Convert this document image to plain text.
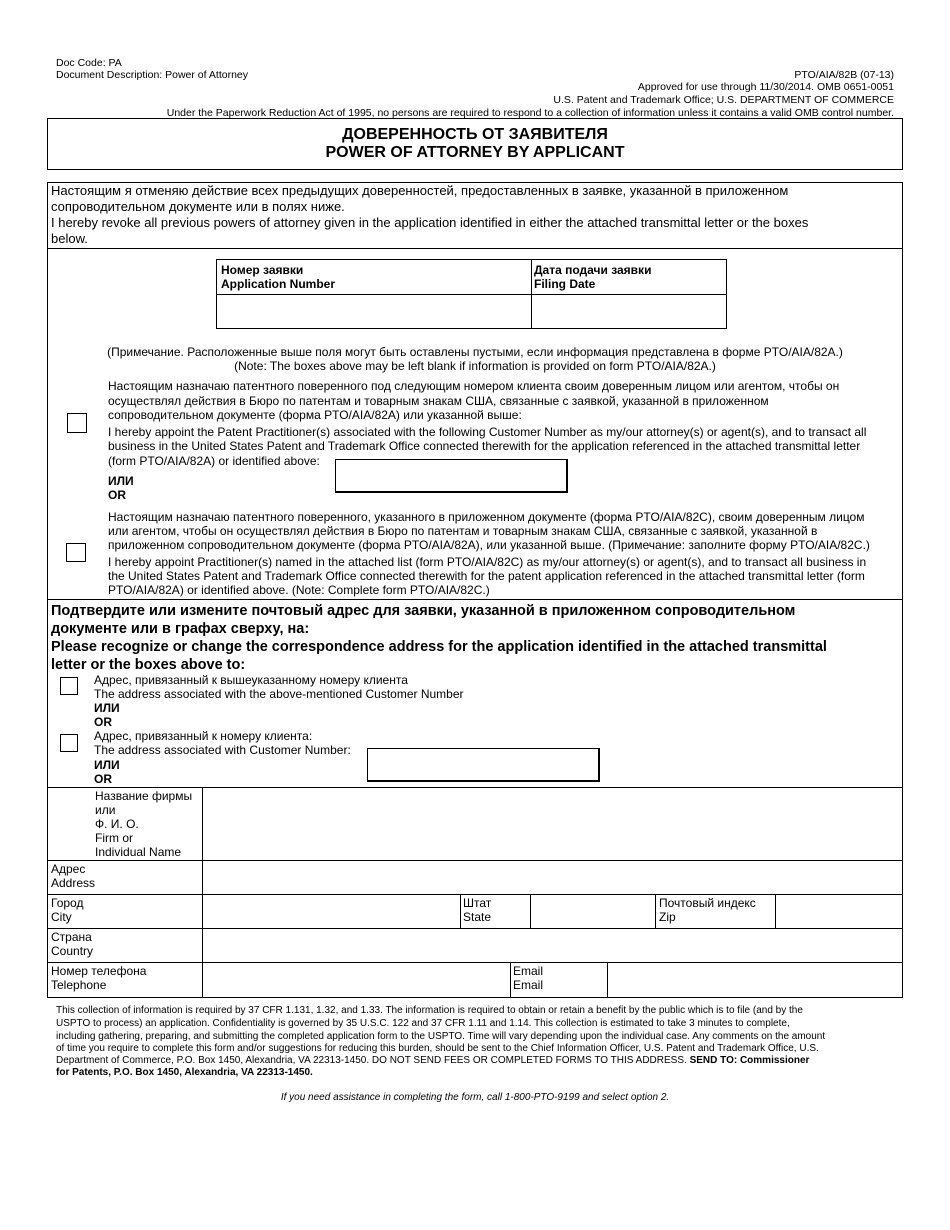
Doc Code: PA
Document Description: Power of Attorney	PTO/AIA/82B (07-13)
Approved for use through 11/30/2014. OMB 0651-0051
U.S. Patent and Trademark Office; U.S. DEPARTMENT OF COMMERCE
Under the Paperwork Reduction Act of 1995, no persons are required to respond to a collection of information unless it contains a valid OMB control number.
ДОВЕРЕННОСТЬ ОТ ЗАЯВИТЕЛЯ
POWER OF ATTORNEY BY APPLICANT
Настоящим я отменяю действие всех предыдущих доверенностей, предоставленных в заявке, указанной в приложенном
сопроводительном документе или в полях ниже.
I hereby revoke all previous powers of attorney given in the application identified in either the attached transmittal letter or the boxes
below.
Номер заявки
Application Number
Дата подачи заявки
Filing Date
(Примечание. Расположенные выше поля могут быть оставлены пустыми, если информация представлена в форме PTO/AIA/82A.)
(Note: The boxes above may be left blank if information is provided on form PTO/AIA/82A.)
Настоящим назначаю патентного поверенного под следующим номером клиента своим доверенным лицом или агентом, чтобы он
осуществлял действия в Бюро по патентам и товарным знакам США, связанные с заявкой, указанной в приложенном
сопроводительном документе (форма PTO/AIA/82A) или указанной выше:
I hereby appoint the Patent Practitioner(s) associated with the following Customer Number as my/our attorney(s) or agent(s), and to transact all
business in the United States Patent and Trademark Office connected therewith for the application referenced in the attached transmittal letter
(form PTO/AIA/82A) or identified above:
ИЛИ
OR
Настоящим назначаю патентного поверенного, указанного в приложенном документе (форма PTO/AIA/82C), своим доверенным лицом
или агентом, чтобы он осуществлял действия в Бюро по патентам и товарным знакам США, связанные с заявкой, указанной в
приложенном сопроводительном документе (форма PTO/AIA/82A), или указанной выше. (Примечание: заполните форму PTO/AIA/82C.)
I hereby appoint Practitioner(s) named in the attached list (form PTO/AIA/82C) as my/our attorney(s) or agent(s), and to transact all business in
the United States Patent and Trademark Office connected therewith for the patent application referenced in the attached transmittal letter (form
PTO/AIA/82A) or identified above. (Note: Complete form PTO/AIA/82C.)
Подтвердите или измените почтовый адрес для заявки, указанной в приложенном сопроводительном
документе или в графах сверху, на:
Please recognize or change the correspondence address for the application identified in the attached transmittal
letter or the boxes above to:
Адрес, привязанный к вышеуказанному номеру клиента
The address associated with the above-mentioned Customer Number
ИЛИ
OR
Адрес, привязанный к номеру клиента:
The address associated with Customer Number:
ИЛИ
OR
Название фирмы
или
Ф. И. О.
Firm or
Individual Name
Адрес
Address
Город
City
Штат
State
Почтовый индекс
Zip
Страна
Country
Номер телефона
Telephone
Email
Email
This collection of information is required by 37 CFR 1.131, 1.32, and 1.33. The information is required to obtain or retain a benefit by the public which is to file (and by the
USPTO to process) an application. Confidentiality is governed by 35 U.S.C. 122 and 37 CFR 1.11 and 1.14. This collection is estimated to take 3 minutes to complete,
including gathering, preparing, and submitting the completed application form to the USPTO. Time will vary depending upon the individual case. Any comments on the amount
of time you require to complete this form and/or suggestions for reducing this burden, should be sent to the Chief Information Officer, U.S. Patent and Trademark Office, U.S.
Department of Commerce, P.O. Box 1450, Alexandria, VA 22313-1450. DO NOT SEND FEES OR COMPLETED FORMS TO THIS ADDRESS. SEND TO: Commissioner
for Patents, P.O. Box 1450, Alexandria, VA 22313-1450.
If you need assistance in completing the form, call 1-800-PTO-9199 and select option 2.
